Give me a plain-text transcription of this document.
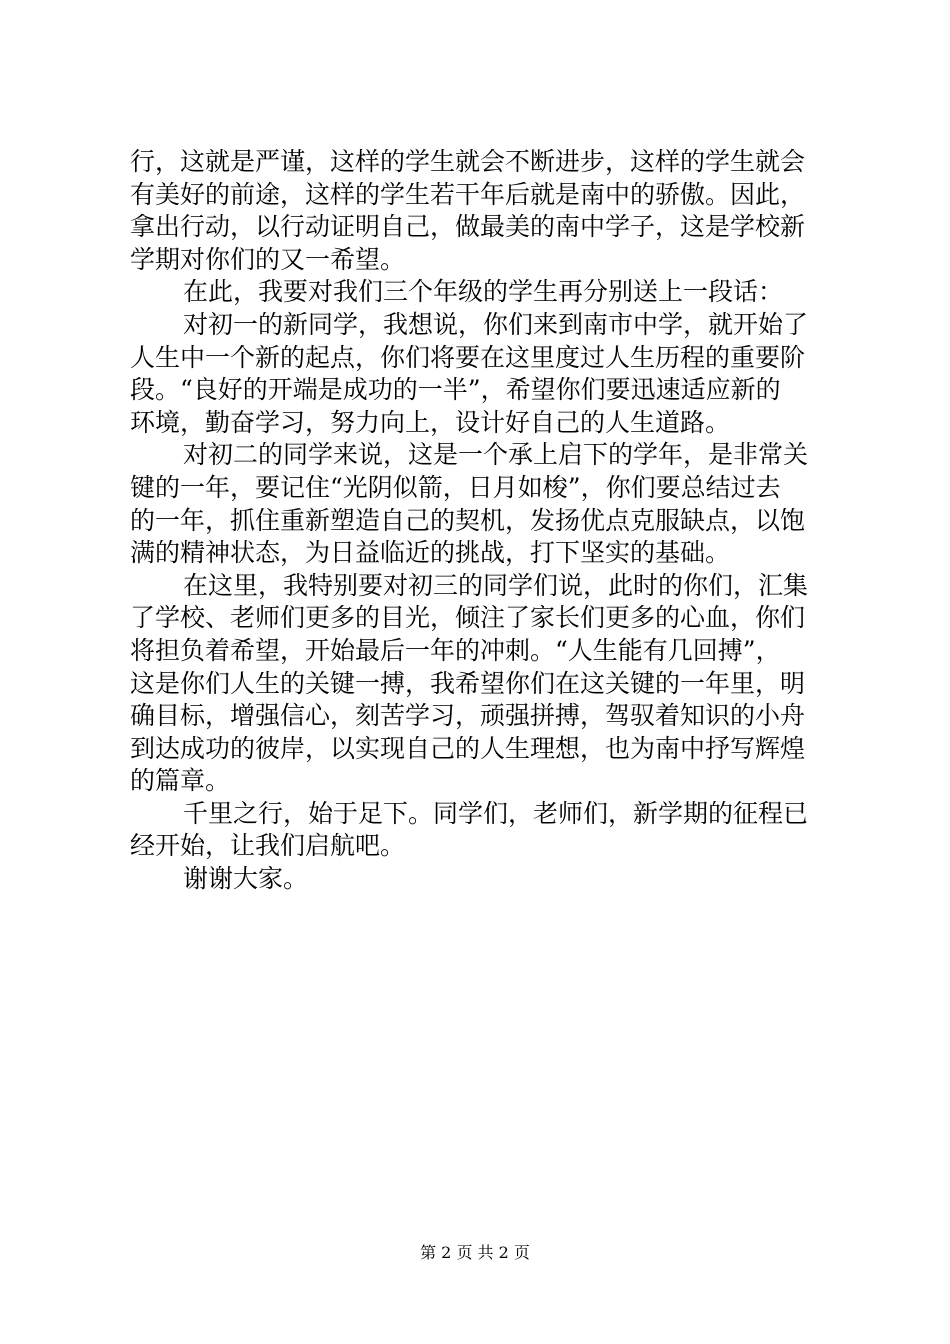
行，这就是严谨，这样的学生就会不断进步，这样的学生就会
有美好的前途，这样的学生若干年后就是南中的骄傲。因此，
拿出行动，以行动证明自己，做最美的南中学子，这是学校新
学期对你们的又一希望。
在此，我要对我们三个年级的学生再分别送上一段话：
对初一的新同学，我想说，你们来到南市中学，就开始了
人生中一个新的起点，你们将要在这里度过人生历程的重要阶
段。“良好的开端是成功的一半”，希望你们要迅速适应新的
环境，勤奋学习，努力向上，设计好自己的人生道路。
对初二的同学来说，这是一个承上启下的学年，是非常关
键的一年，要记住“光阴似箭，日月如梭”，你们要总结过去
的一年，抓住重新塑造自己的契机，发扬优点克服缺点，以饱
满的精神状态，为日益临近的挑战，打下坚实的基础。
在这里，我特别要对初三的同学们说，此时的你们，汇集
了学校、老师们更多的目光，倾注了家长们更多的心血，你们
将担负着希望，开始最后一年的冲刺。“人生能有几回搏”，
这是你们人生的关键一搏，我希望你们在这关键的一年里，明
确目标，增强信心，刻苦学习，顽强拼搏，驾驭着知识的小舟
到达成功的彼岸，以实现自己的人生理想，也为南中抒写辉煌
的篇章。
千里之行，始于足下。同学们，老师们，新学期的征程已
经开始，让我们启航吧。
谢谢大家。
第 2 页 共 2 页
